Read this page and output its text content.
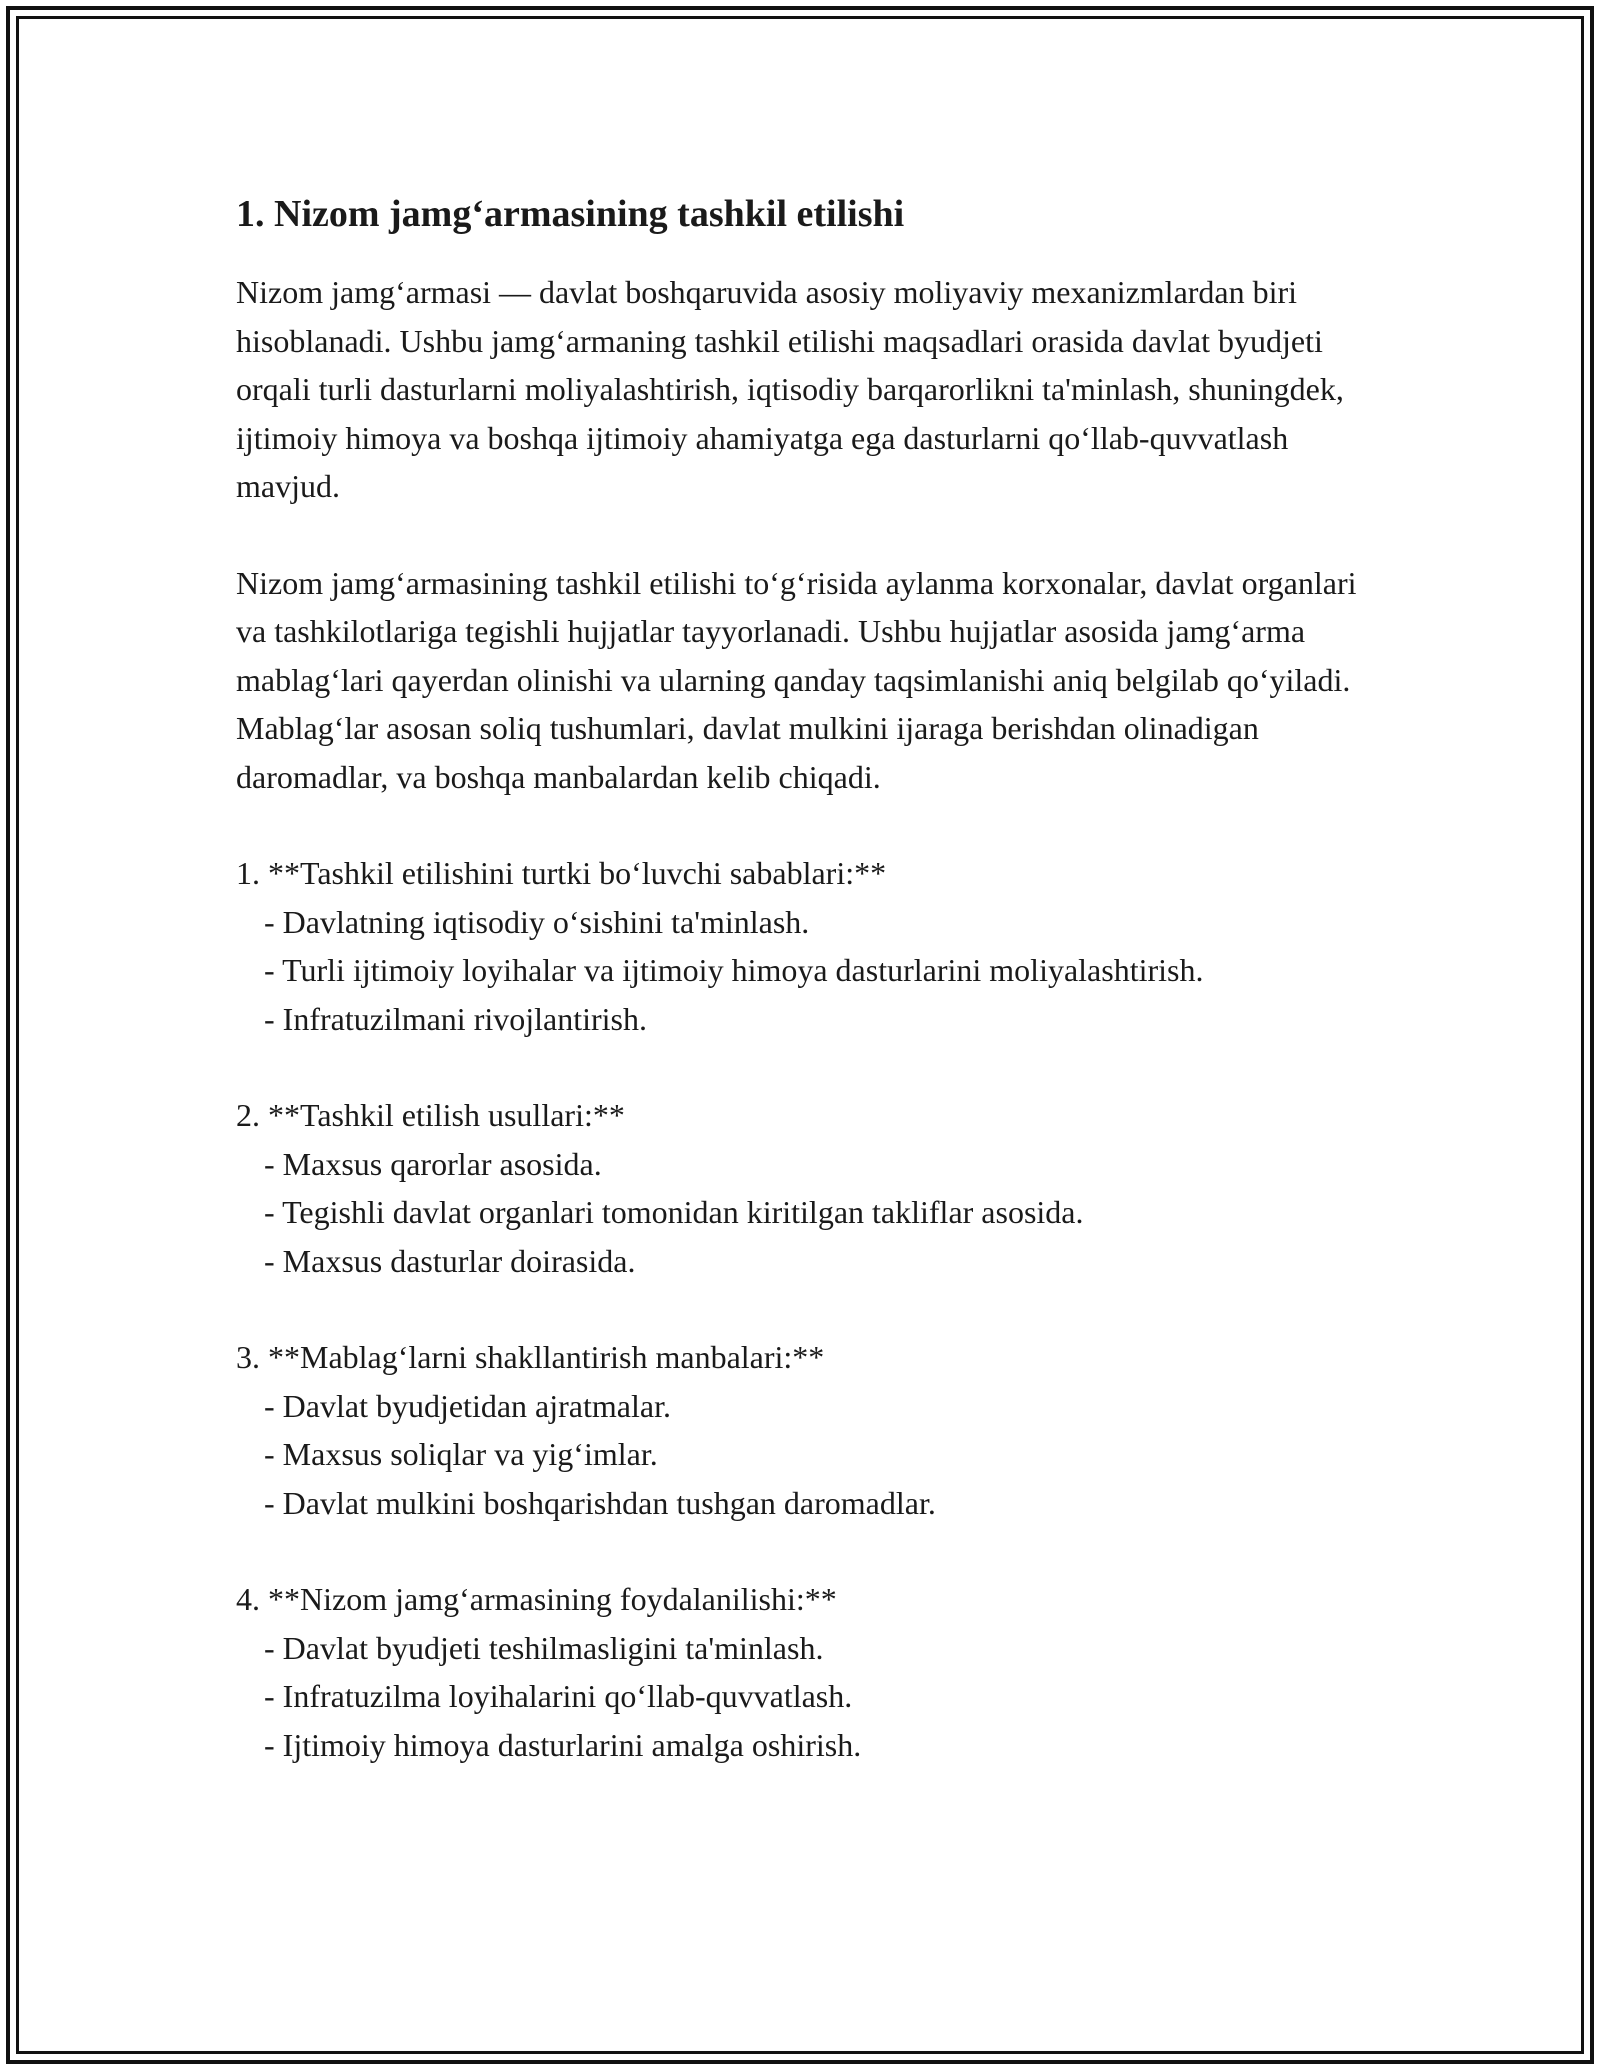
1. Nizom jamg‘armasining tashkil etilishi

Nizom jamg‘armasi — davlat boshqaruvida asosiy moliyaviy mexanizmlardan biri hisoblanadi. Ushbu jamg‘armaning tashkil etilishi maqsadlari orasida davlat byudjeti orqali turli dasturlarni moliyalashtirish, iqtisodiy barqarorlikni ta'minlash, shuningdek, ijtimoiy himoya va boshqa ijtimoiy ahamiyatga ega dasturlarni qo‘llab-quvvatlash mavjud.

Nizom jamg‘armasining tashkil etilishi to‘g‘risida aylanma korxonalar, davlat organlari va tashkilotlariga tegishli hujjatlar tayyorlanadi. Ushbu hujjatlar asosida jamg‘arma mablag‘lari qayerdan olinishi va ularning qanday taqsimlanishi aniq belgilab qo‘yiladi. Mablag‘lar asosan soliq tushumlari, davlat mulkini ijaraga berishdan olinadigan daromadlar, va boshqa manbalardan kelib chiqadi.

1. **Tashkil etilishini turtki bo‘luvchi sabablari:**
- Davlatning iqtisodiy o‘sishini ta'minlash.
- Turli ijtimoiy loyihalar va ijtimoiy himoya dasturlarini moliyalashtirish.
- Infratuzilmani rivojlantirish.
2. **Tashkil etilish usullari:**
- Maxsus qarorlar asosida.
- Tegishli davlat organlari tomonidan kiritilgan takliflar asosida.
- Maxsus dasturlar doirasida.
3. **Mablag‘larni shakllantirish manbalari:**
- Davlat byudjetidan ajratmalar.
- Maxsus soliqlar va yig‘imlar.
- Davlat mulkini boshqarishdan tushgan daromadlar.
4. **Nizom jamg‘armasining foydalanilishi:**
- Davlat byudjeti teshilmasligini ta'minlash.
- Infratuzilma loyihalarini qo‘llab-quvvatlash.
- Ijtimoiy himoya dasturlarini amalga oshirish.
